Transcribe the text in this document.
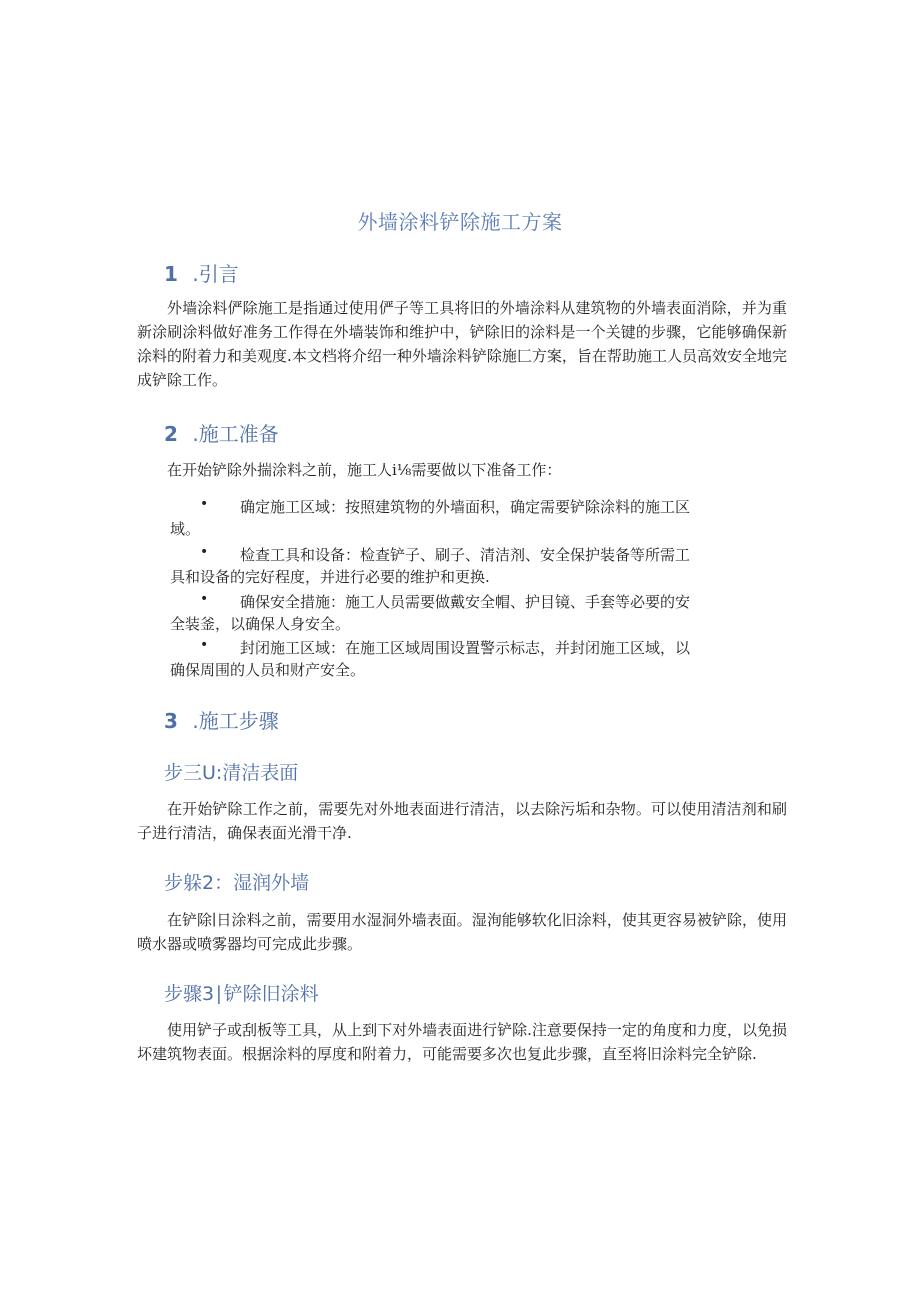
外墙涂料铲除施工方案
1 .引言
外墙涂料俨除施工是指通过使用俨子等工具将旧的外墙涂料从建筑物的外墙表面消除，并为重新涂刷涂料做好准务工作得在外墙装饰和维护中，铲除旧的涂料是一个关键的步骤，它能够确保新涂料的附着力和美观度.本文档将介绍一种外墙涂料铲除施匚方案，旨在帮助施工人员高效安全地完成铲除工作。
2 .施工准备
在开始铲除外揣涂料之前，施工人i⅛需要做以下准备工作：
• 确定施工区域：按照建筑物的外墙面积，确定需要铲除涂料的施工区
域。
• 检查工具和设备：检查铲子、刷子、清洁剂、安全保护装备等所需工
具和设备的完好程度，并进行必要的维护和更换.
• 确保安全措施：施工人员需要做戴安全帽、护目镜、手套等必要的安
全装釜，以确保人身安全。
• 封闭施工区域：在施工区域周围设置警示标志，并封闭施工区域，以
确保周围的人员和财产安全。
3 .施工步骤
步三U:清洁表面
在开始铲除工作之前，需要先对外地表面进行清洁，以去除污垢和杂物。可以使用清洁剂和刷子进行清洁，确保表面光滑干净.
步躲2：湿润外墙
在铲除∣日涂料之前，需要用水湿洞外墙表面。湿洵能够软化旧涂料，使其更容易被铲除，使用喷水器或喷雾器均可完成此步骤。
步骤3∣铲除旧涂料
使用铲子或刮板等工具，从上到下对外墙表面进行铲除.注意要保持一定的角度和力度，以免损坏建筑物表面。根据涂料的厚度和附着力，可能需要多次也复此步骤，直至将旧涂料完全铲除.
